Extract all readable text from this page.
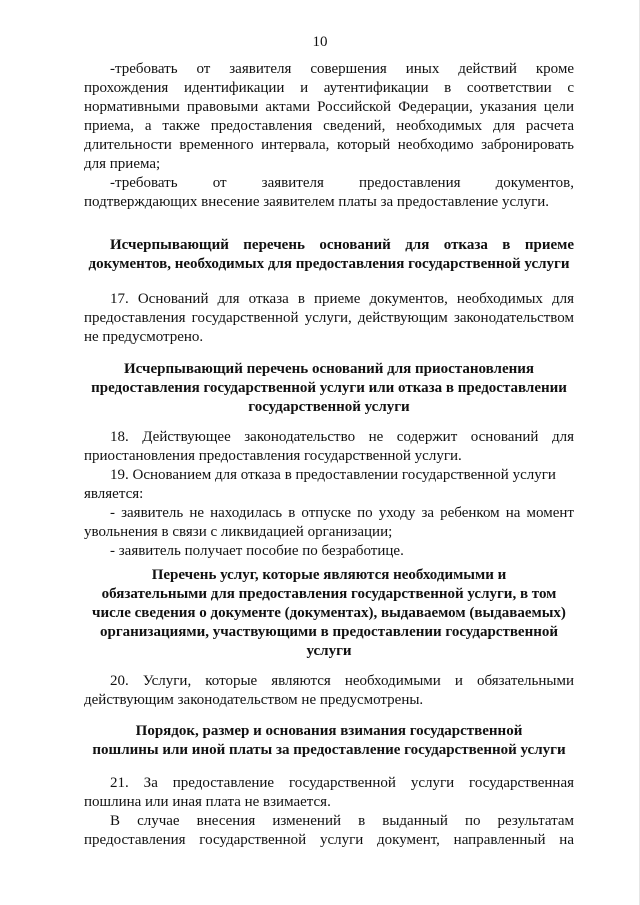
10
-требовать от заявителя совершения иных действий кроме
прохождения идентификации и аутентификации в соответствии с
нормативными правовыми актами Российской Федерации, указания цели
приема, а также предоставления сведений, необходимых для расчета
длительности временного интервала, который необходимо забронировать
для приема;
-требовать от заявителя предоставления документов,
подтверждающих внесение заявителем платы за предоставление услуги.
Исчерпывающий перечень оснований для отказа в приеме
документов, необходимых для предоставления государственной услуги
17. Оснований для отказа в приеме документов, необходимых для
предоставления государственной услуги, действующим законодательством
не предусмотрено.
Исчерпывающий перечень оснований для приостановления
предоставления государственной услуги или отказа в предоставлении
государственной услуги
18. Действующее законодательство не содержит оснований для
приостановления предоставления государственной услуги.
19. Основанием для отказа в предоставлении государственной услуги
является:
- заявитель не находилась в отпуске по уходу за ребенком на момент
увольнения в связи с ликвидацией организации;
- заявитель получает пособие по безработице.
Перечень услуг, которые являются необходимыми и
обязательными для предоставления государственной услуги, в том
числе сведения о документе (документах), выдаваемом (выдаваемых)
организациями, участвующими в предоставлении государственной
услуги
20. Услуги, которые являются необходимыми и обязательными
действующим законодательством не предусмотрены.
Порядок, размер и основания взимания государственной
пошлины или иной платы за предоставление государственной услуги
21. За предоставление государственной услуги государственная
пошлина или иная плата не взимается.
В случае внесения изменений в выданный по результатам
предоставления государственной услуги документ, направленный на
